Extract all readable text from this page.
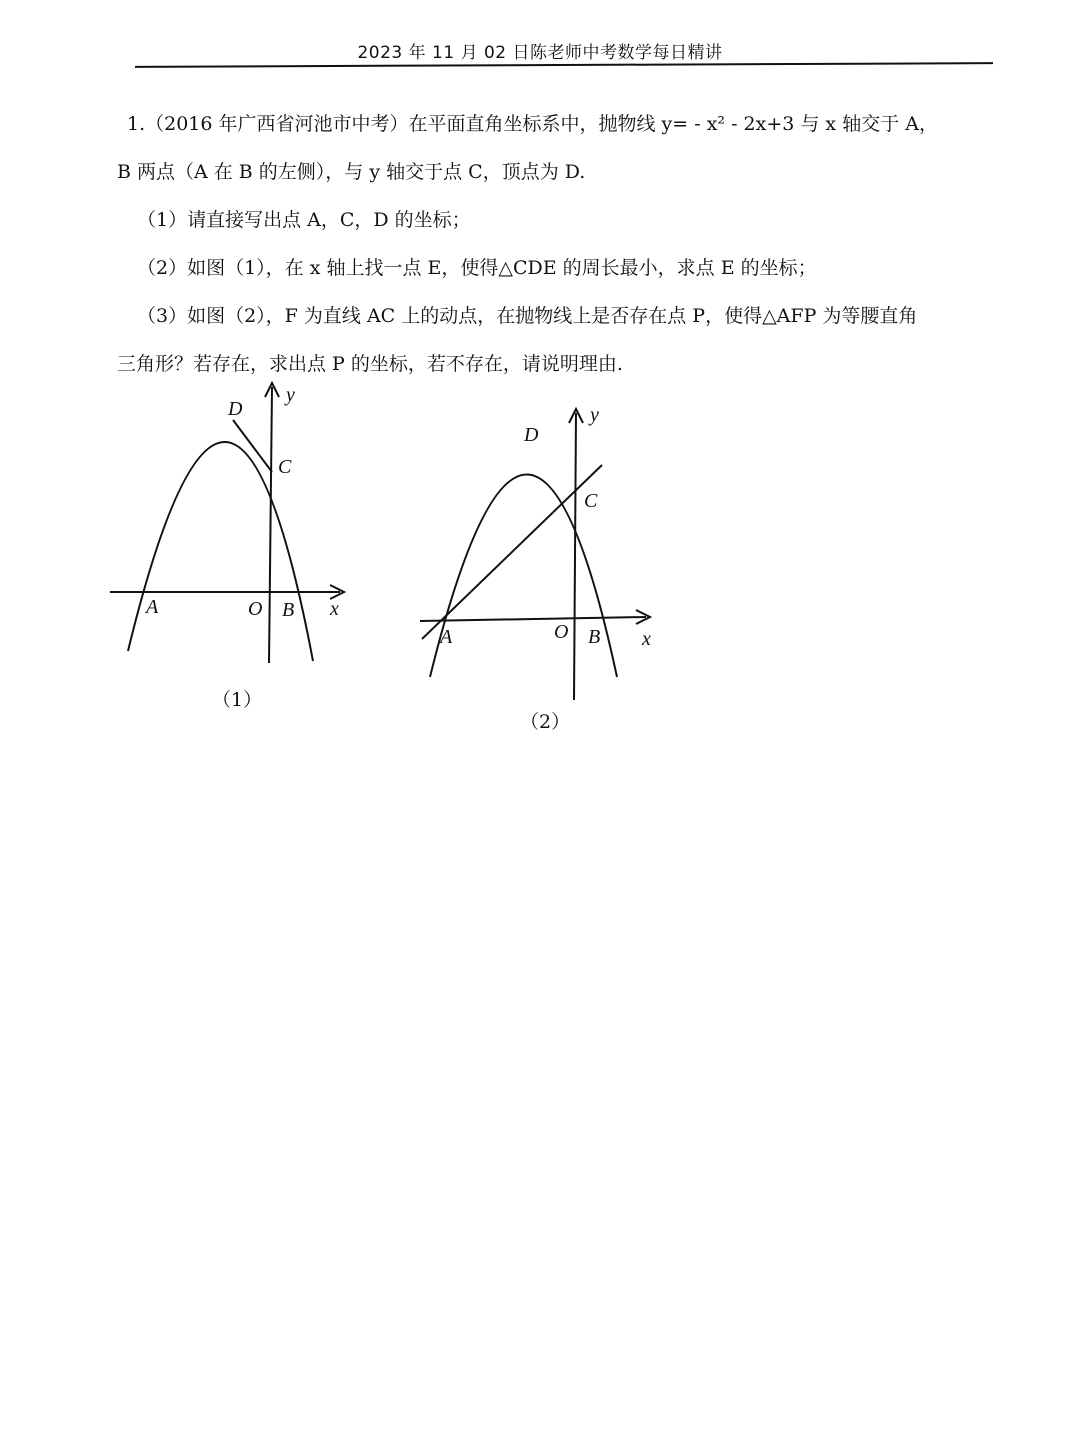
2023 年 11 月 02 日陈老师中考数学每日精讲
1.（2016 年广西省河池市中考）在平面直角坐标系中，抛物线 y= - x² - 2x+3 与 x 轴交于 A，
B 两点（A 在 B 的左侧），与 y 轴交于点 C，顶点为 D.
（1）请直接写出点 A，C，D 的坐标；
（2）如图（1），在 x 轴上找一点 E，使得△CDE 的周长最小，求点 E 的坐标；
（3）如图（2），F 为直线 AC 上的动点，在抛物线上是否存在点 P，使得△AFP 为等腰直角
三角形？若存在，求出点 P 的坐标，若不存在，请说明理由.
D
C
A	O B x
y
（1）
D
C
A	O B x
y
（2）
